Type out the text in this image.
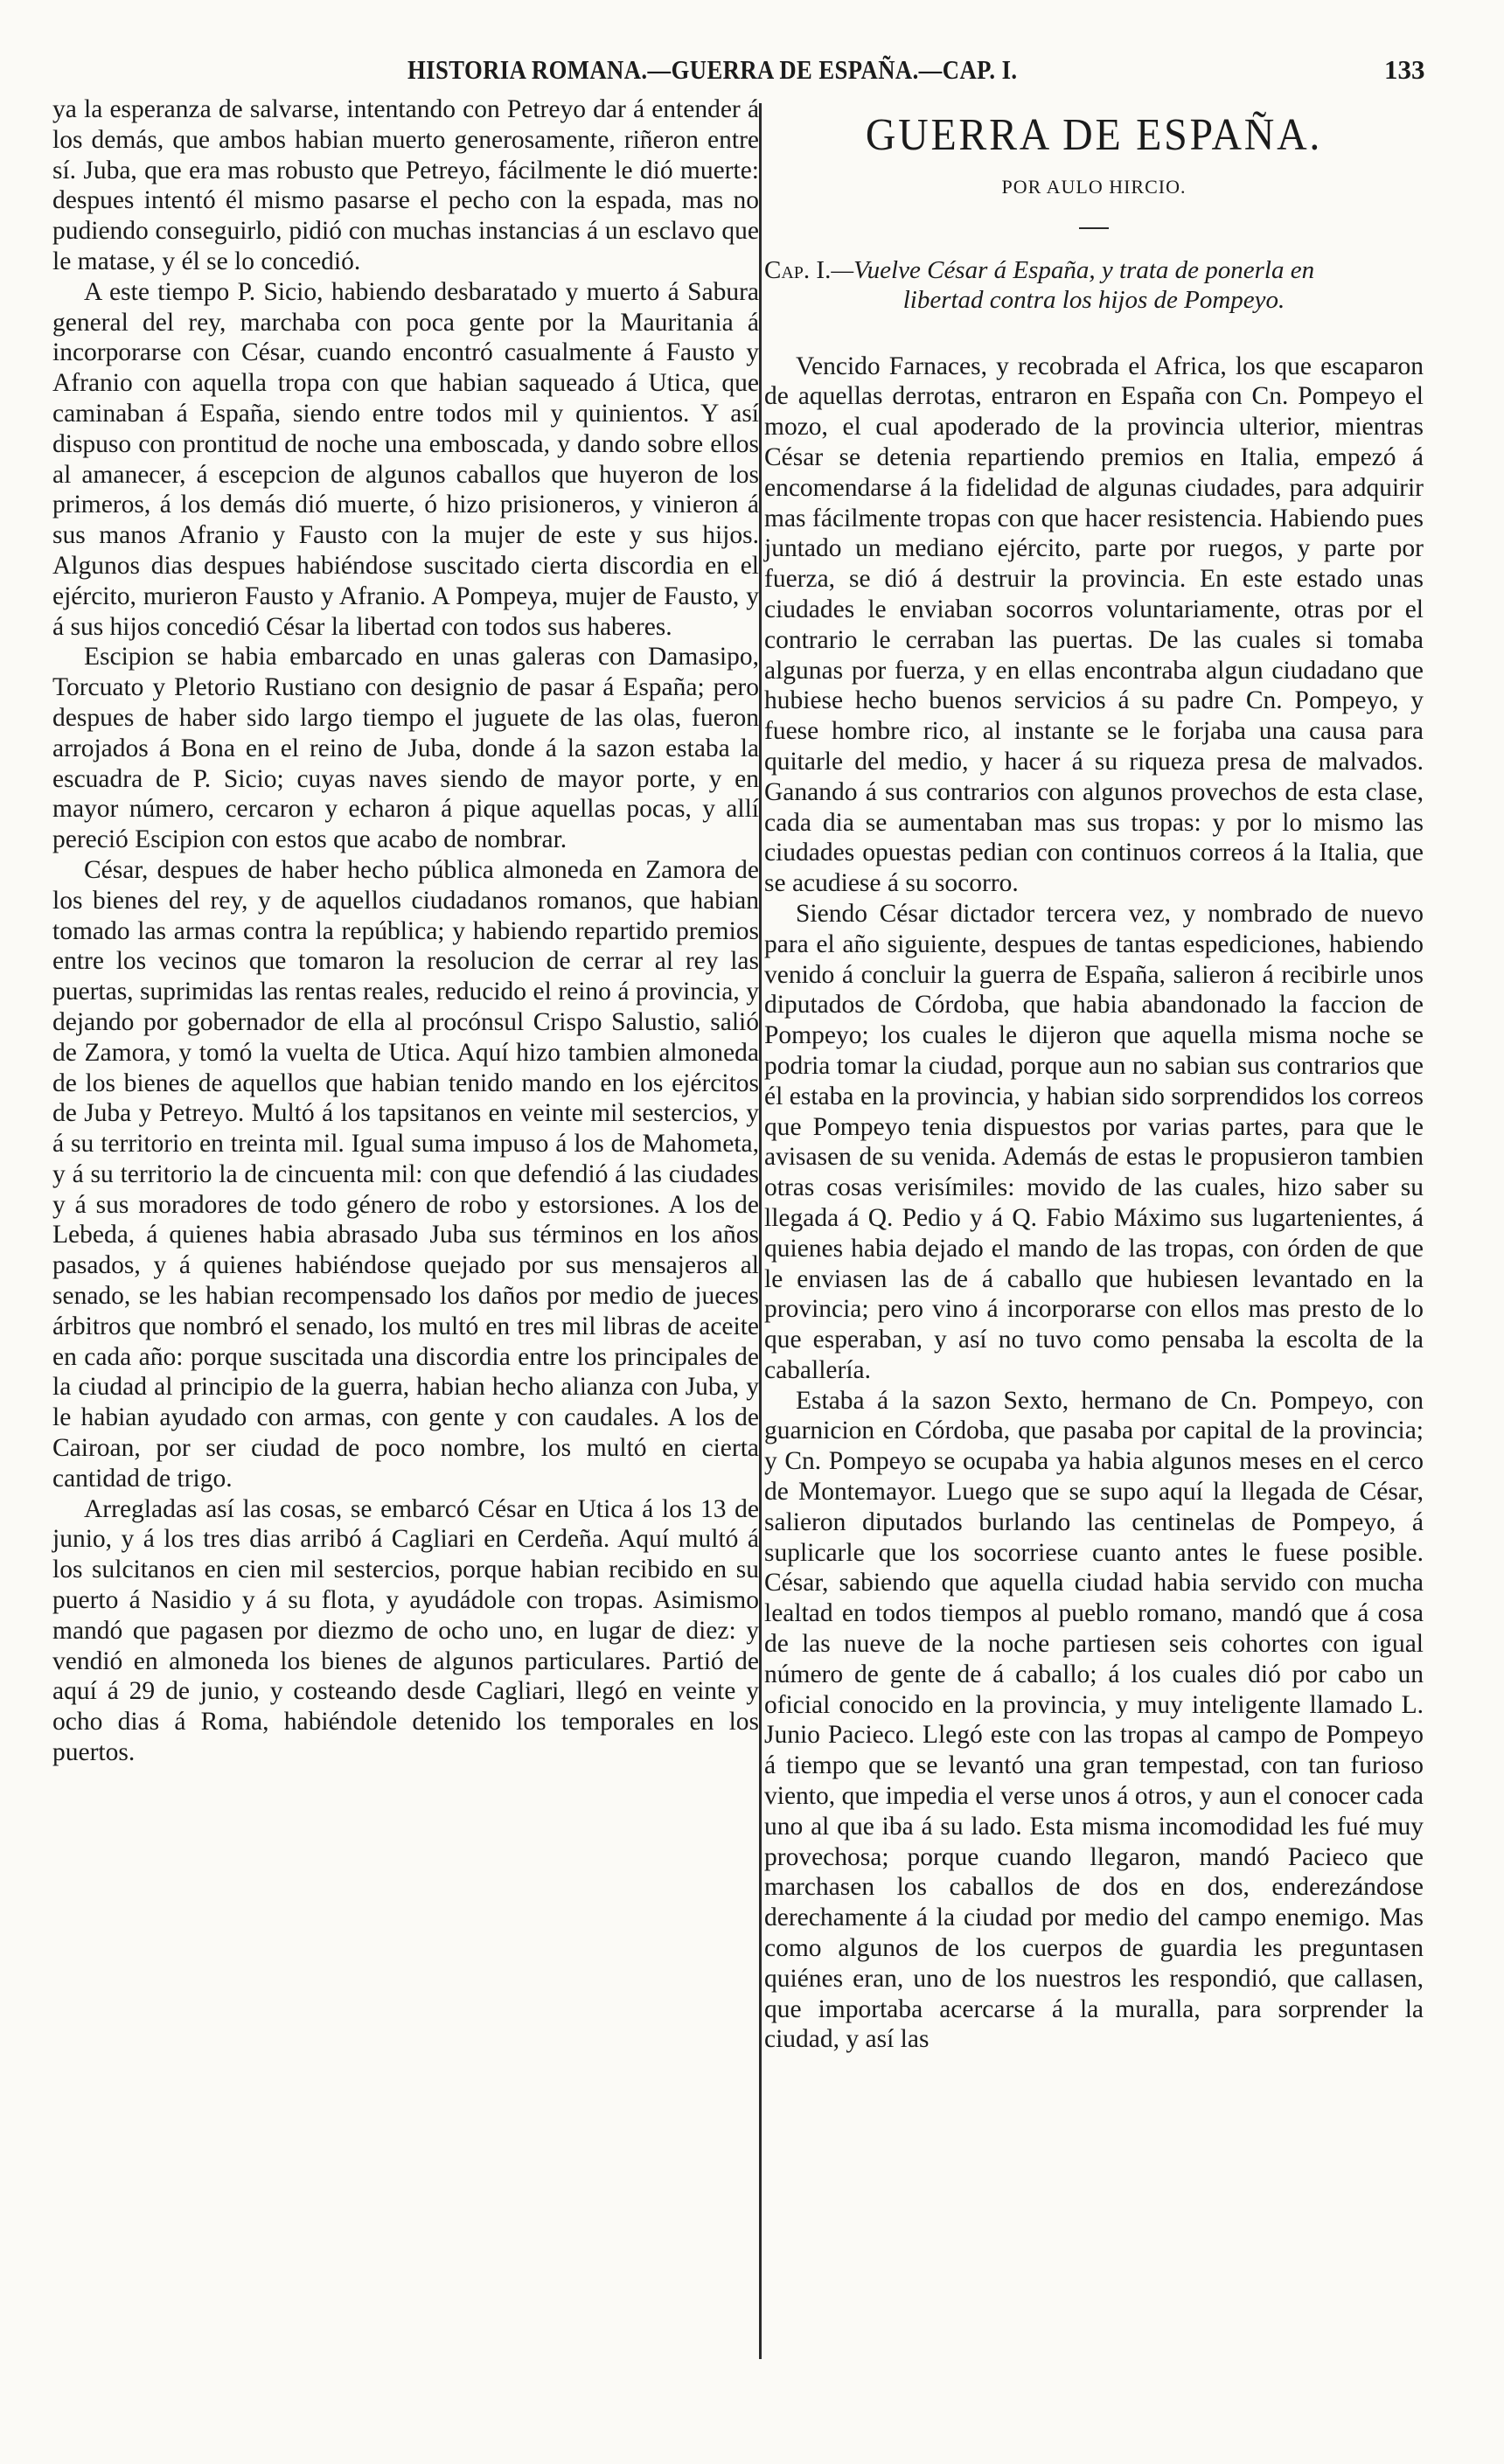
HISTORIA ROMANA.—GUERRA DE ESPAÑA.—CAP. I.	133

ya la esperanza de salvarse, intentando con Petreyo dar á entender á los demás, que ambos habian muerto generosamente, riñeron entre sí. Juba, que era mas robusto que Petreyo, fácilmente le dió muerte: despues intentó él mismo pasarse el pecho con la espada, mas no pudiendo conseguirlo, pidió con muchas instancias á un esclavo que le matase, y él se lo concedió.

A este tiempo P. Sicio, habiendo desbaratado y muerto á Sabura general del rey, marchaba con poca gente por la Mauritania á incorporarse con César, cuando encontró casualmente á Fausto y Afranio con aquella tropa con que habian saqueado á Utica, que caminaban á España, siendo entre todos mil y quinientos. Y así dispuso con prontitud de noche una emboscada, y dando sobre ellos al amanecer, á escepcion de algunos caballos que huyeron de los primeros, á los demás dió muerte, ó hizo prisioneros, y vinieron á sus manos Afranio y Fausto con la mujer de este y sus hijos. Algunos dias despues habiéndose suscitado cierta discordia en el ejército, murieron Fausto y Afranio. A Pompeya, mujer de Fausto, y á sus hijos concedió César la libertad con todos sus haberes.

Escipion se habia embarcado en unas galeras con Damasipo, Torcuato y Pletorio Rustiano con designio de pasar á España; pero despues de haber sido largo tiempo el juguete de las olas, fueron arrojados á Bona en el reino de Juba, donde á la sazon estaba la escuadra de P. Sicio; cuyas naves siendo de mayor porte, y en mayor número, cercaron y echaron á pique aquellas pocas, y allí pereció Escipion con estos que acabo de nombrar.

César, despues de haber hecho pública almoneda en Zamora de los bienes del rey, y de aquellos ciudadanos romanos, que habian tomado las armas contra la república; y habiendo repartido premios entre los vecinos que tomaron la resolucion de cerrar al rey las puertas, suprimidas las rentas reales, reducido el reino á provincia, y dejando por gobernador de ella al procónsul Crispo Salustio, salió de Zamora, y tomó la vuelta de Utica. Aquí hizo tambien almoneda de los bienes de aquellos que habian tenido mando en los ejércitos de Juba y Petreyo. Multó á los tapsitanos en veinte mil sestercios, y á su territorio en treinta mil. Igual suma impuso á los de Mahometa, y á su territorio la de cincuenta mil: con que defendió á las ciudades y á sus moradores de todo género de robo y estorsiones. A los de Lebeda, á quienes habia abrasado Juba sus términos en los años pasados, y á quienes habiéndose quejado por sus mensajeros al senado, se les habian recompensado los daños por medio de jueces árbitros que nombró el senado, los multó en tres mil libras de aceite en cada año: porque suscitada una discordia entre los principales de la ciudad al principio de la guerra, habian hecho alianza con Juba, y le habian ayudado con armas, con gente y con caudales. A los de Cairoan, por ser ciudad de poco nombre, los multó en cierta cantidad de trigo.

Arregladas así las cosas, se embarcó César en Utica á los 13 de junio, y á los tres dias arribó á Cagliari en Cerdeña. Aquí multó á los sulcitanos en cien mil sestercios, porque habian recibido en su puerto á Nasidio y á su flota, y ayudádole con tropas. Asimismo mandó que pagasen por diezmo de ocho uno, en lugar de diez: y vendió en almoneda los bienes de algunos particulares. Partió de aquí á 29 de junio, y costeando desde Cagliari, llegó en veinte y ocho dias á Roma, habiéndole detenido los temporales en los puertos.

GUERRA DE ESPAÑA.
POR AULO HIRCIO.
Cap. I.—Vuelve César á España, y trata de ponerla en
libertad contra los hijos de Pompeyo.

Vencido Farnaces, y recobrada el Africa, los que escaparon de aquellas derrotas, entraron en España con Cn. Pompeyo el mozo, el cual apoderado de la provincia ulterior, mientras César se detenia repartiendo premios en Italia, empezó á encomendarse á la fidelidad de algunas ciudades, para adquirir mas fácilmente tropas con que hacer resistencia. Habiendo pues juntado un mediano ejército, parte por ruegos, y parte por fuerza, se dió á destruir la provincia. En este estado unas ciudades le enviaban socorros voluntariamente, otras por el contrario le cerraban las puertas. De las cuales si tomaba algunas por fuerza, y en ellas encontraba algun ciudadano que hubiese hecho buenos servicios á su padre Cn. Pompeyo, y fuese hombre rico, al instante se le forjaba una causa para quitarle del medio, y hacer á su riqueza presa de malvados. Ganando á sus contrarios con algunos provechos de esta clase, cada dia se aumentaban mas sus tropas: y por lo mismo las ciudades opuestas pedian con continuos correos á la Italia, que se acudiese á su socorro.

Siendo César dictador tercera vez, y nombrado de nuevo para el año siguiente, despues de tantas espediciones, habiendo venido á concluir la guerra de España, salieron á recibirle unos diputados de Córdoba, que habia abandonado la faccion de Pompeyo; los cuales le dijeron que aquella misma noche se podria tomar la ciudad, porque aun no sabian sus contrarios que él estaba en la provincia, y habian sido sorprendidos los correos que Pompeyo tenia dispuestos por varias partes, para que le avisasen de su venida. Además de estas le propusieron tambien otras cosas verisímiles: movido de las cuales, hizo saber su llegada á Q. Pedio y á Q. Fabio Máximo sus lugartenientes, á quienes habia dejado el mando de las tropas, con órden de que le enviasen las de á caballo que hubiesen levantado en la provincia; pero vino á incorporarse con ellos mas presto de lo que esperaban, y así no tuvo como pensaba la escolta de la caballería.

Estaba á la sazon Sexto, hermano de Cn. Pompeyo, con guarnicion en Córdoba, que pasaba por capital de la provincia; y Cn. Pompeyo se ocupaba ya habia algunos meses en el cerco de Montemayor. Luego que se supo aquí la llegada de César, salieron diputados burlando las centinelas de Pompeyo, á suplicarle que los socorriese cuanto antes le fuese posible. César, sabiendo que aquella ciudad habia servido con mucha lealtad en todos tiempos al pueblo romano, mandó que á cosa de las nueve de la noche partiesen seis cohortes con igual número de gente de á caballo; á los cuales dió por cabo un oficial conocido en la provincia, y muy inteligente llamado L. Junio Pacieco. Llegó este con las tropas al campo de Pompeyo á tiempo que se levantó una gran tempestad, con tan furioso viento, que impedia el verse unos á otros, y aun el conocer cada uno al que iba á su lado. Esta misma incomodidad les fué muy provechosa; porque cuando llegaron, mandó Pacieco que marchasen los caballos de dos en dos, enderezándose derechamente á la ciudad por medio del campo enemigo. Mas como algunos de los cuerpos de guardia les preguntasen quiénes eran, uno de los nuestros les respondió, que callasen, que importaba acercarse á la muralla, para sorprender la ciudad, y así las
